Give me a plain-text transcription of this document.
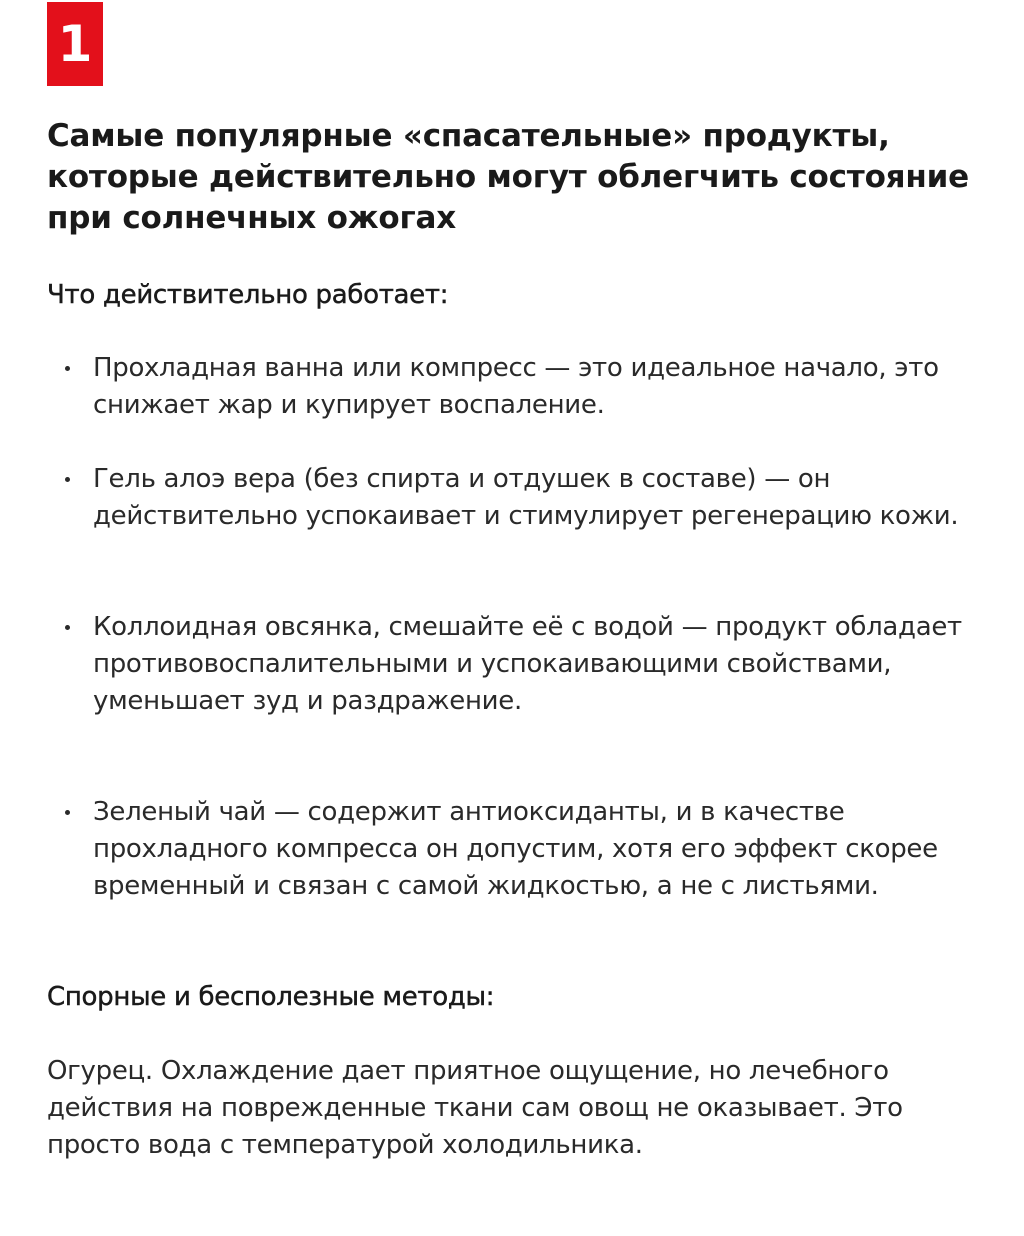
1
Самые популярные «спасательные» продукты, которые действительно могут облегчить состояние при солнечных ожогах
Что действительно работает:
Прохладная ванна или компресс — это идеальное начало, это снижает жар и купирует воспаление.
Гель алоэ вера (без спирта и отдушек в составе) — он действительно успокаивает и стимулирует регенерацию кожи.
Коллоидная овсянка, смешайте её с водой — продукт обладает противовоспалительными и успокаивающими свойствами, уменьшает зуд и раздражение.
Зеленый чай — содержит антиоксиданты, и в качестве прохладного компресса он допустим, хотя его эффект скорее временный и связан с самой жидкостью, а не с листьями.
Спорные и бесполезные методы:

Огурец. Охлаждение дает приятное ощущение, но лечебного действия на поврежденные ткани сам овощ не оказывает. Это просто вода с температурой холодильника.
